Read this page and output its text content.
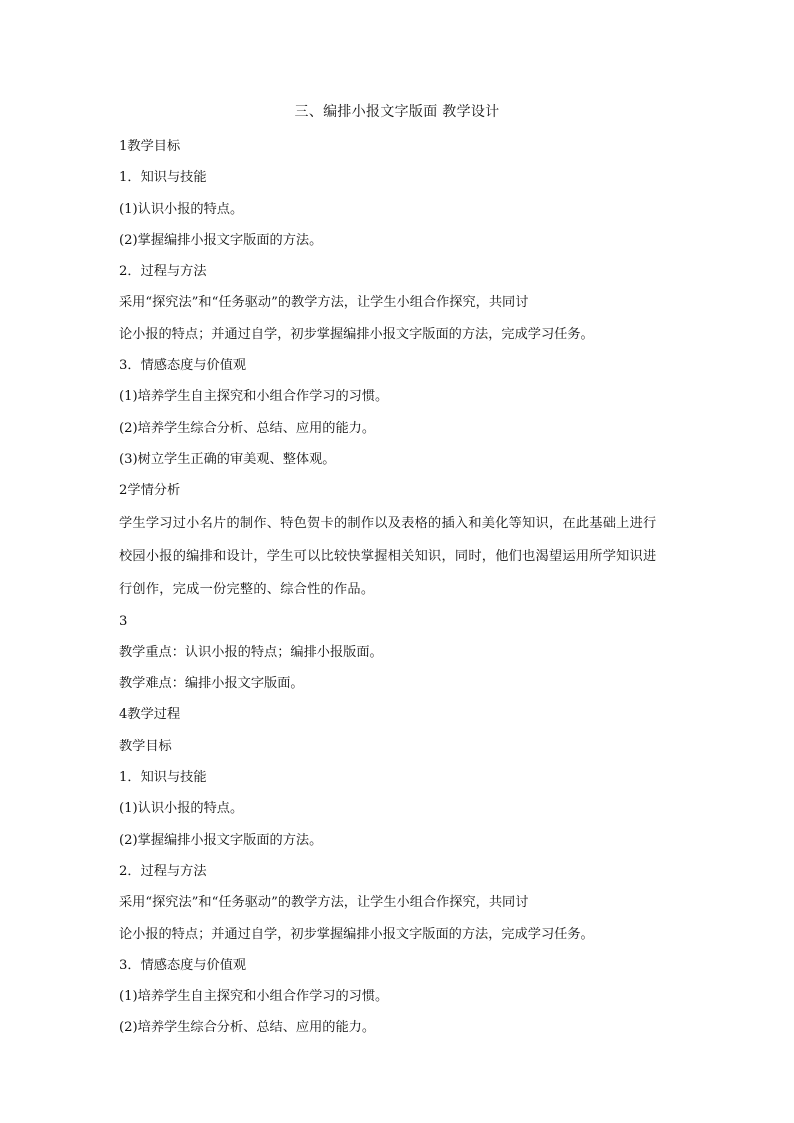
三、编排小报文字版面 教学设计
1教学目标
1．知识与技能
(1)认识小报的特点。
(2)掌握编排小报文字版面的方法。
2．过程与方法
采用“探究法”和“任务驱动”的教学方法，让学生小组合作探究，共同讨
论小报的特点；并通过自学，初步掌握编排小报文字版面的方法，完成学习任务。
3．情感态度与价值观
(1)培养学生自主探究和小组合作学习的习惯。
(2)培养学生综合分析、总结、应用的能力。
(3)树立学生正确的审美观、整体观。
2学情分析
学生学习过小名片的制作、特色贺卡的制作以及表格的插入和美化等知识，在此基础上进行
校园小报的编排和设计，学生可以比较快掌握相关知识，同时，他们也渴望运用所学知识进
行创作，完成一份完整的、综合性的作品。
3
教学重点：认识小报的特点；编排小报版面。
教学难点：编排小报文字版面。
4教学过程
教学目标
1．知识与技能
(1)认识小报的特点。
(2)掌握编排小报文字版面的方法。
2．过程与方法
采用“探究法”和“任务驱动”的教学方法，让学生小组合作探究，共同讨
论小报的特点；并通过自学，初步掌握编排小报文字版面的方法，完成学习任务。
3．情感态度与价值观
(1)培养学生自主探究和小组合作学习的习惯。
(2)培养学生综合分析、总结、应用的能力。
